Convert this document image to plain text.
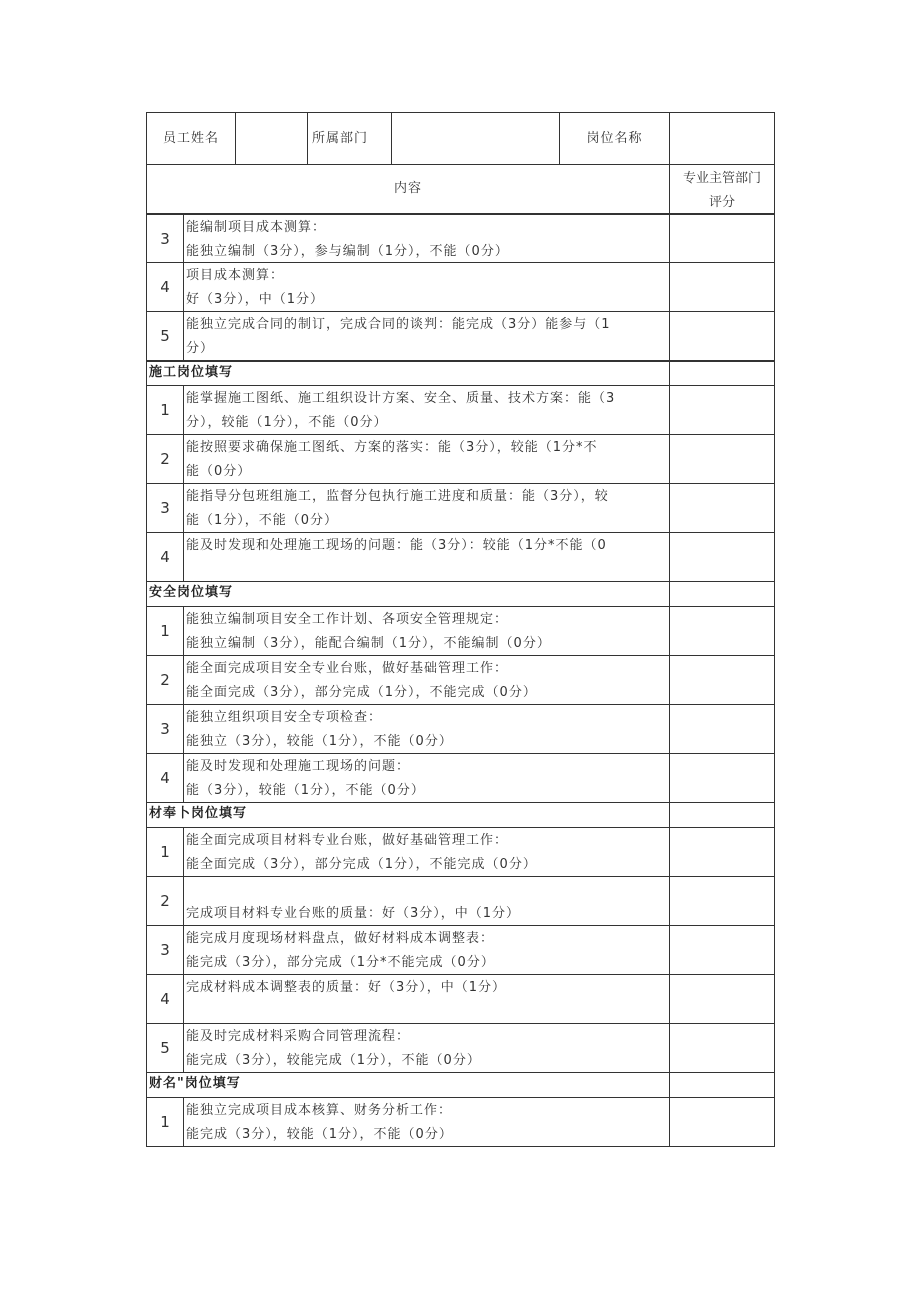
员工姓名	所属部门	岗位名称
内容
专业主管部门
评分
3
能编制项目成本测算：
能独立编制（3分），参与编制（1分），不能（0分）
4
项目成本测算：
好（3分），中（1分）
5
能独立完成合同的制订，完成合同的谈判：能完成（3分）能参与（1
分）
施工岗位填写
1
能掌握施工图纸、施工组织设计方案、安全、质量、技术方案：能（3
分），较能（1分），不能（0分）
2
能按照要求确保施工图纸、方案的落实：能（3分），较能（1分*不
能（0分）
3
能指导分包班组施工，监督分包执行施工进度和质量：能（3分），较
能（1分），不能（0分）
4
能及时发现和处理施工现场的问题：能（3分）：较能（1分*不能（0
安全岗位填写
1
能独立编制项目安全工作计划、各项安全管理规定：
能独立编制（3分），能配合编制（1分），不能编制（0分）
2
能全面完成项目安全专业台账，做好基础管理工作：
能全面完成（3分），部分完成（1分），不能完成（0分）
3
能独立组织项目安全专项检查：
能独立（3分），较能（1分），不能（0分）
4
能及时发现和处理施工现场的问题：
能（3分），较能（1分），不能（0分）
材奉卜岗位填写
1
能全面完成项目材料专业台账，做好基础管理工作：
能全面完成（3分），部分完成（1分），不能完成（0分）
2
完成项目材料专业台账的质量：好（3分），中（1分）
3
能完成月度现场材料盘点，做好材料成本调整表：
能完成（3分），部分完成（1分*不能完成（0分）
4
完成材料成本调整表的质量：好（3分），中（1分）
5
能及时完成材料采购合同管理流程：
能完成（3分），较能完成（1分），不能（0分）
财名"岗位填写
1
能独立完成项目成本核算、财务分析工作：
能完成（3分），较能（1分），不能（0分）
